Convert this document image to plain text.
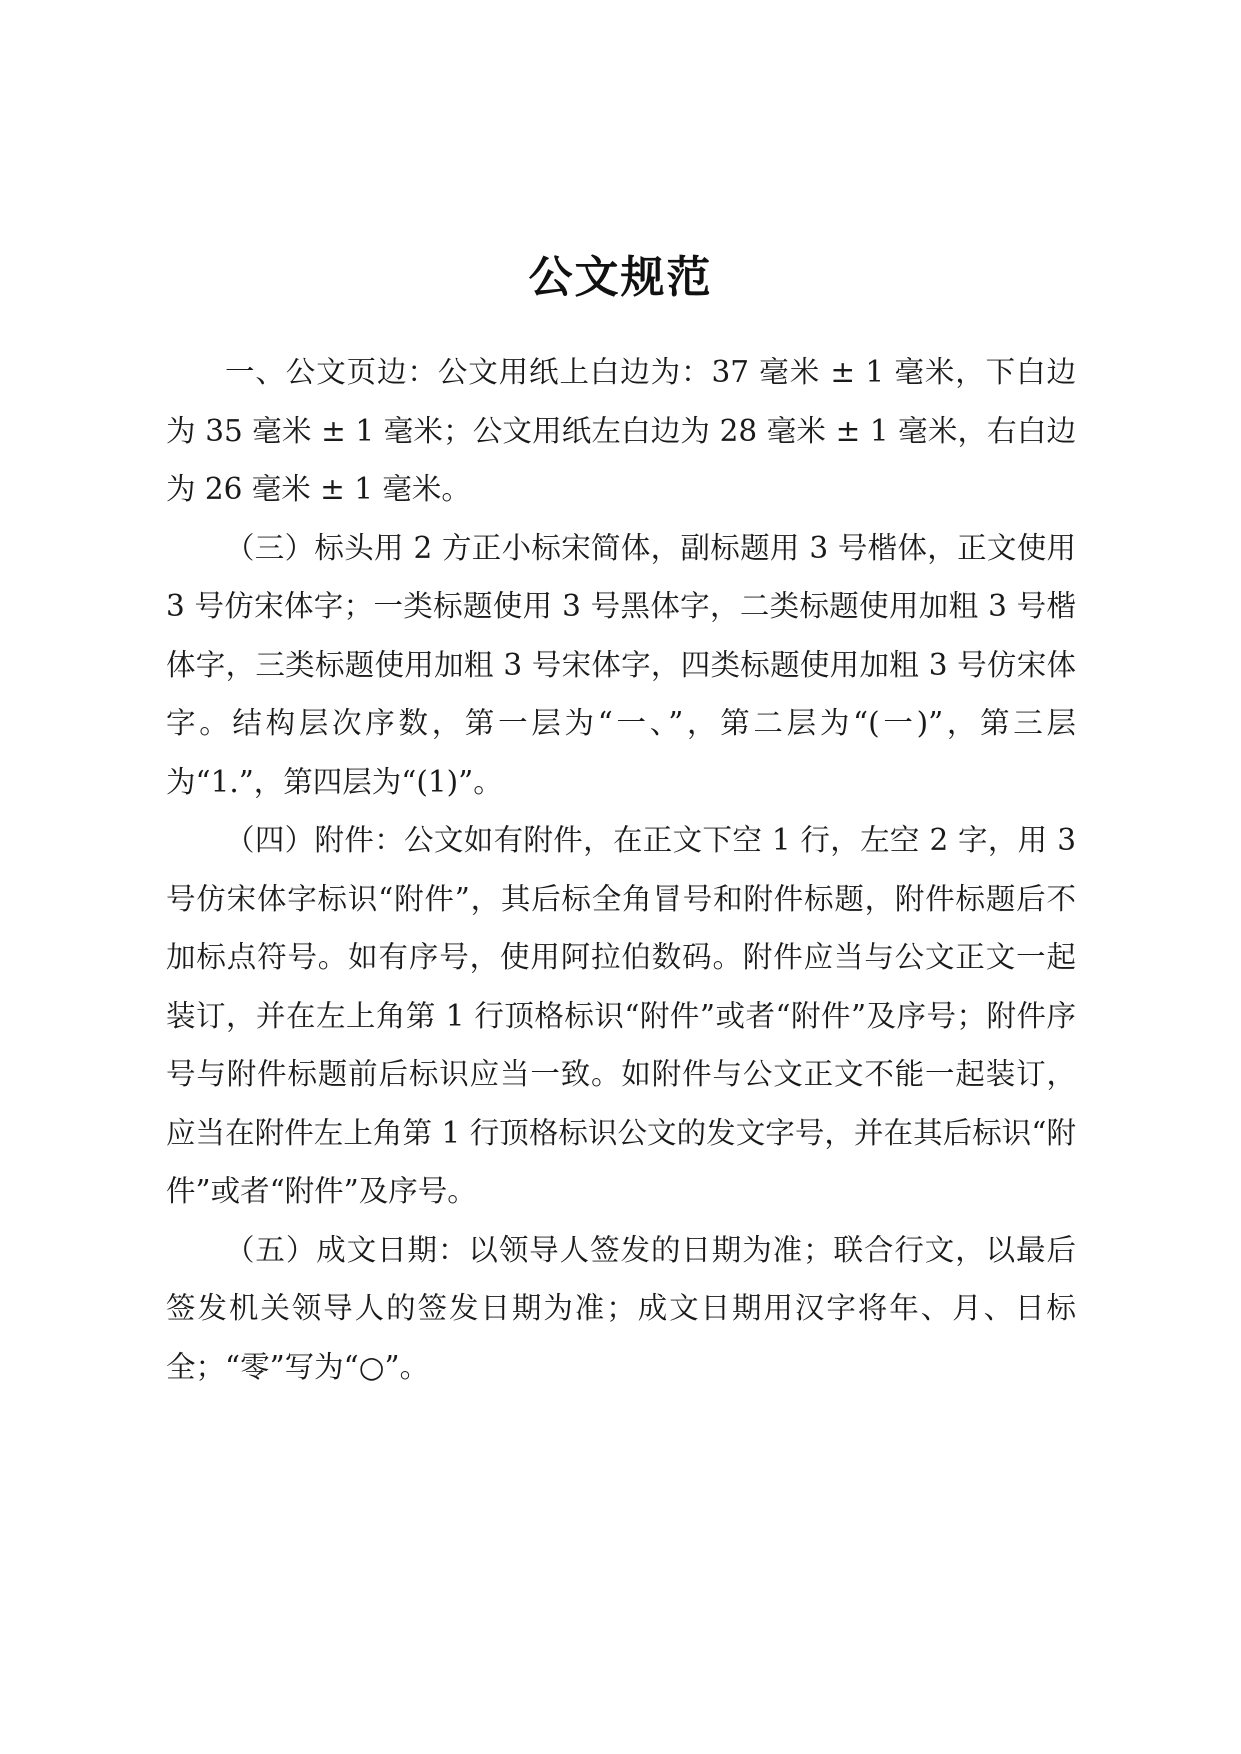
公文规范

一、公文页边：公文用纸上白边为：37 毫米 ± 1 毫米，下白边为 35 毫米 ± 1 毫米；公文用纸左白边为 28 毫米 ± 1 毫米，右白边为 26 毫米 ± 1 毫米。

（三）标头用 2 方正小标宋简体，副标题用 3 号楷体，正文使用 3 号仿宋体字；一类标题使用 3 号黑体字，二类标题使用加粗 3 号楷体字，三类标题使用加粗 3 号宋体字，四类标题使用加粗 3 号仿宋体字。结构层次序数，第一层为“一、”，第二层为“(一)”，第三层为“1.”，第四层为“(1)”。

（四）附件：公文如有附件，在正文下空 1 行，左空 2 字，用 3 号仿宋体字标识“附件”，其后标全角冒号和附件标题，附件标题后不加标点符号。如有序号，使用阿拉伯数码。附件应当与公文正文一起装订，并在左上角第 1 行顶格标识“附件”或者“附件”及序号；附件序号与附件标题前后标识应当一致。如附件与公文正文不能一起装订，应当在附件左上角第 1 行顶格标识公文的发文字号，并在其后标识“附件”或者“附件”及序号。

（五）成文日期：以领导人签发的日期为准；联合行文，以最后签发机关领导人的签发日期为准；成文日期用汉字将年、月、日标全；“零”写为“○”。
